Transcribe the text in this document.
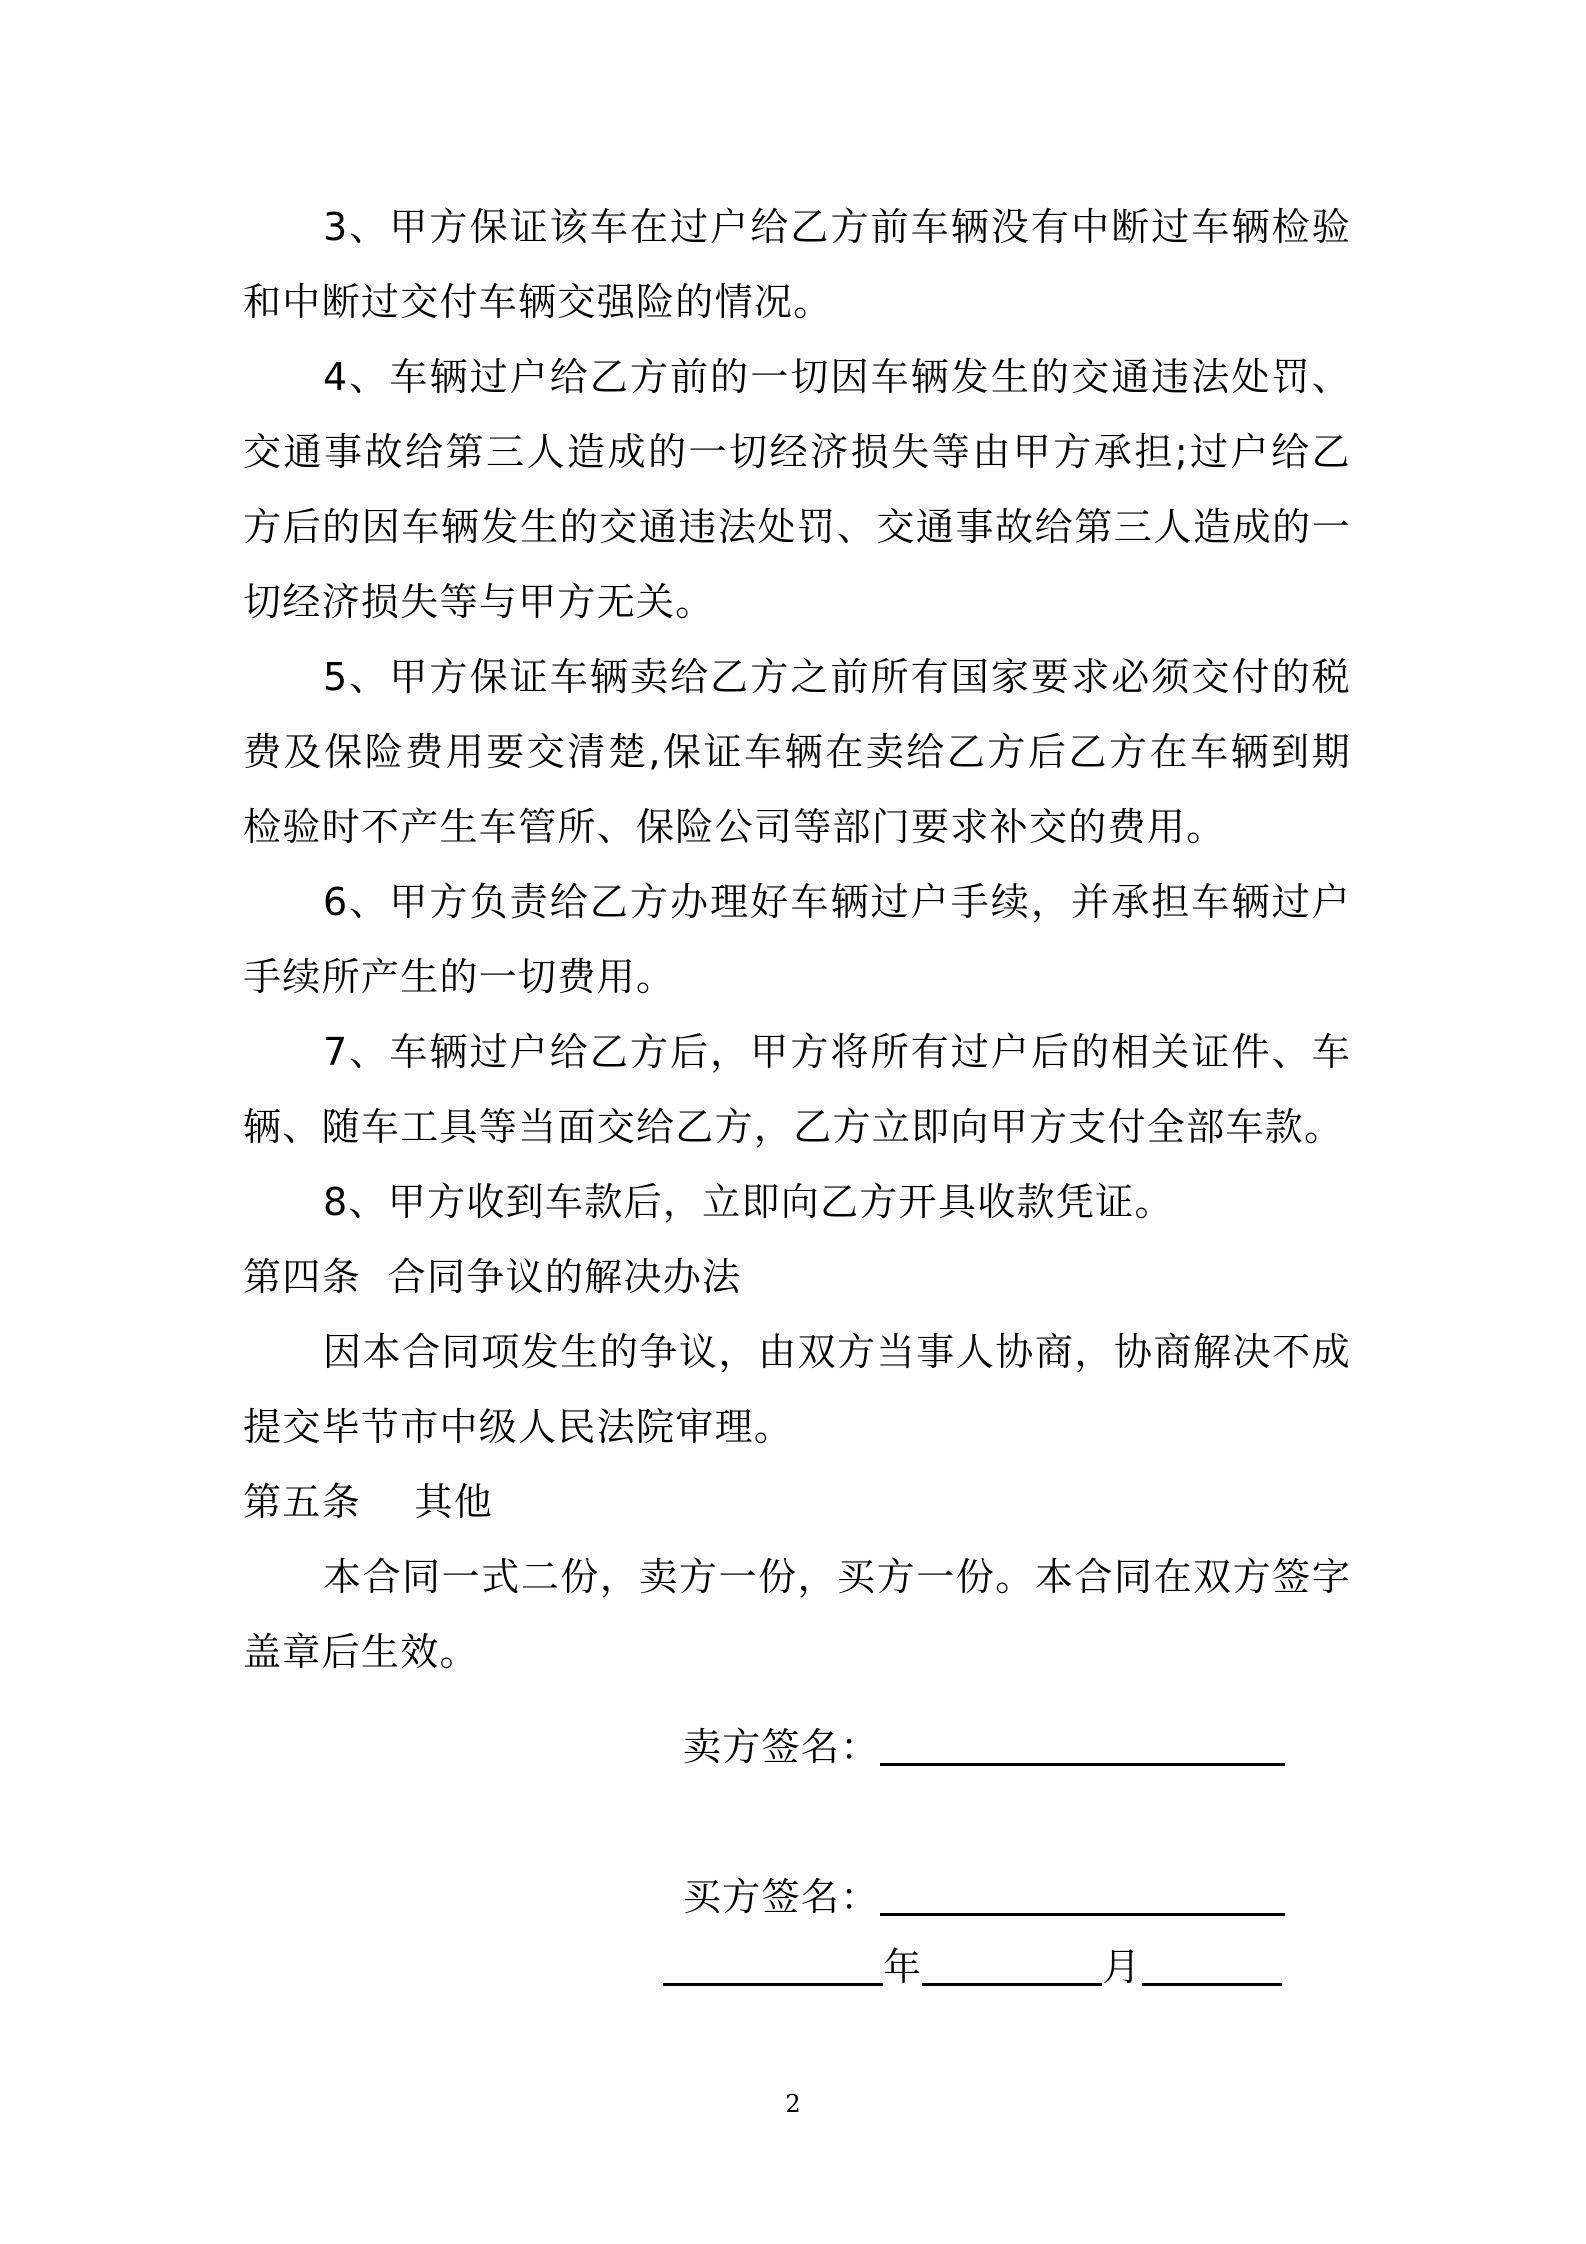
3、甲方保证该车在过户给乙方前车辆没有中断过车辆检验和中断过交付车辆交强险的情况。

4、车辆过户给乙方前的一切因车辆发生的交通违法处罚、交通事故给第三人造成的一切经济损失等由甲方承担;过户给乙方后的因车辆发生的交通违法处罚、交通事故给第三人造成的一切经济损失等与甲方无关。

5、甲方保证车辆卖给乙方之前所有国家要求必须交付的税费及保险费用要交清楚,保证车辆在卖给乙方后乙方在车辆到期检验时不产生车管所、保险公司等部门要求补交的费用。

6、甲方负责给乙方办理好车辆过户手续，并承担车辆过户手续所产生的一切费用。

7、车辆过户给乙方后，甲方将所有过户后的相关证件、车辆、随车工具等当面交给乙方，乙方立即向甲方支付全部车款。

8、甲方收到车款后，立即向乙方开具收款凭证。

第四条  合同争议的解决办法

因本合同项发生的争议，由双方当事人协商，协商解决不成提交毕节市中级人民法院审理。

第五条    其他

本合同一式二份，卖方一份，买方一份。本合同在双方签字盖章后生效。

卖方签名：
买方签名：
年	月
2
